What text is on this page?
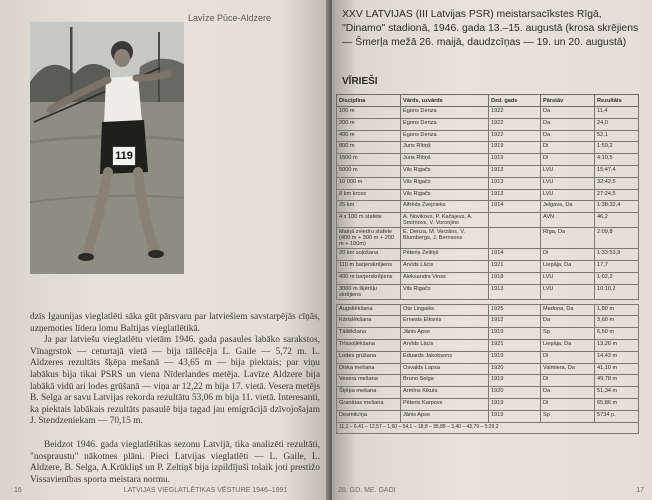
Lavīze Pūce-Aldzere
119

dzīs Igaunijas vieglatlēti sāka gūt pārsvaru par latviešiem savstarpējās cīņās, uzņemoties līdera lomu Baltijas vieglatlētikā.

Ja par latviešu vieglatlētu vietām 1946. gada pasaules labāko sarakstos, Vīnagrstok — ceturtajā vietā — bija tāllēcēja L. Gaile — 5,72 m. L. Aldzeres rezultāts šķēpa mešanā — 43,65 m — bija piektais; par viņu labākus bija tikai PSRS un viena Nīderlandes metēja. Lavīze Aldzere bija labākā vidū ari lodes grūšanā — viņa ar 12,22 m bija 17. vietā. Vesera metējs B. Selga ar savu Latvijas rekorda rezultātu 53,06 m bija 11. vietā. Interesanti, ka piektais labākais rezultāts pasaulē bija tagad jau emigrācijā dzīvojošajam J. Stendzeniekam — 70,15 m.

Beidzot 1946. gada vieglatlētikas sezonu Latvijā, tika analizēti rezultāti, "nospraustu" nākotnes plāni. Pieci Latvijas vieglatlēti — L. Gaile, L. Aldzere, B. Selga, A.Krūkliņš un P. Zeltiņš bija izpildījuši tolaik joti prestižo Vissavienības sporta meistara normu.

16	LATVIJAS VIEGLATLĒTIKAS VĒSTURE 1946–1991
XXV LATVIJAS (III Latvijas PSR) meistarsacīkstes Rīgā, "Dinamo" stadionā, 1946. gada 13.–15. augustā (krosa skrējiens — Šmerļa mežā 26. maijā, daudzcīņas — 19. un 20. augustā)
VĪRIEŠI
Disciplīna	Vārds, uzvārds	Dzd. gads	Pārstāv	Rezultāts
100 m	Egons Denza	1922	Da	11,4
200 m	Egons Denza	1922	Da	24,0
400 m	Egons Denza	1922	Da	52,1
800 m	Juris Rītiņš	1919	Di	1:59,2
1500 m	Juris Rītiņš	1919	Di	4:10,5
5000 m	Vils Rigačs	1913	LVU	15:47,4
10 000 m	Vils Rigačs	1913	LVU	32:42,5
8 km kross	Vils Rigačs	1913	LVU	27:24,5
25 km	Alfrēds Zvejnieks	1914	Jelgava, Da	1:38:32,4
4 x 100 m stafete	A. Novikovs, P. Kačajevs, A. Smirnovs, V. Voronjins		AVN	46,2
Maiņā zviedru stafete (400 m + 300 m + 200 m + 100m)	E. Denza, M. Verzāns, V. Blumbergs, J. Bernsons		Rīga, Da	2:09,8
20 km soļošana	Pēteris Zeltiņš	1914	Di	1:33:53,9
110 m barjerskrējiens	Arvīds Lācis	1921	Liepāja, Da	17,7
400 m barjerskrējiens	Aleksandrs Vinss	1918	LVU	1:02,2
3000 m šķēršļu skrējiens	Vils Rigačs	1913	LVU	10:10,2

Augstlēkšana	Oto Lingaiks	1925	Madona, Da	1,80 m
Kārtslēkšana	Ernests Elksnis	1912	Da	3,60 m
Tāllēkšana	Jānis Apse	1919	Sp	6,50 m
Trīssoļlēkšana	Arvīds Lācis	1921	Liepāja, Da	13,26 m
Lodes grūšana	Eduards Jakobsons	1919	Di	14,43 m
Diska mešana	Osvalds Lapsa	1920	Valmiera, Da	41,10 m
Vesera mešana	Bruno Selga	1919	Di	49,78 m
Šķēpa mešana	Armīns Kikuts	1920	Da	51,34 m
Granātas mešana	Pēteris Karpovs	1919	Di	65,86 m
Desmitcīņa	Jānis Apse	1919	Sp	5734 p.
11,1 – 6,41 – 12,57 – 1,60 – 54,1 – 18,8 – 35,88 – 3,40 – 43,79 – 5:29,2				
28. GD. ME. GADI	17
